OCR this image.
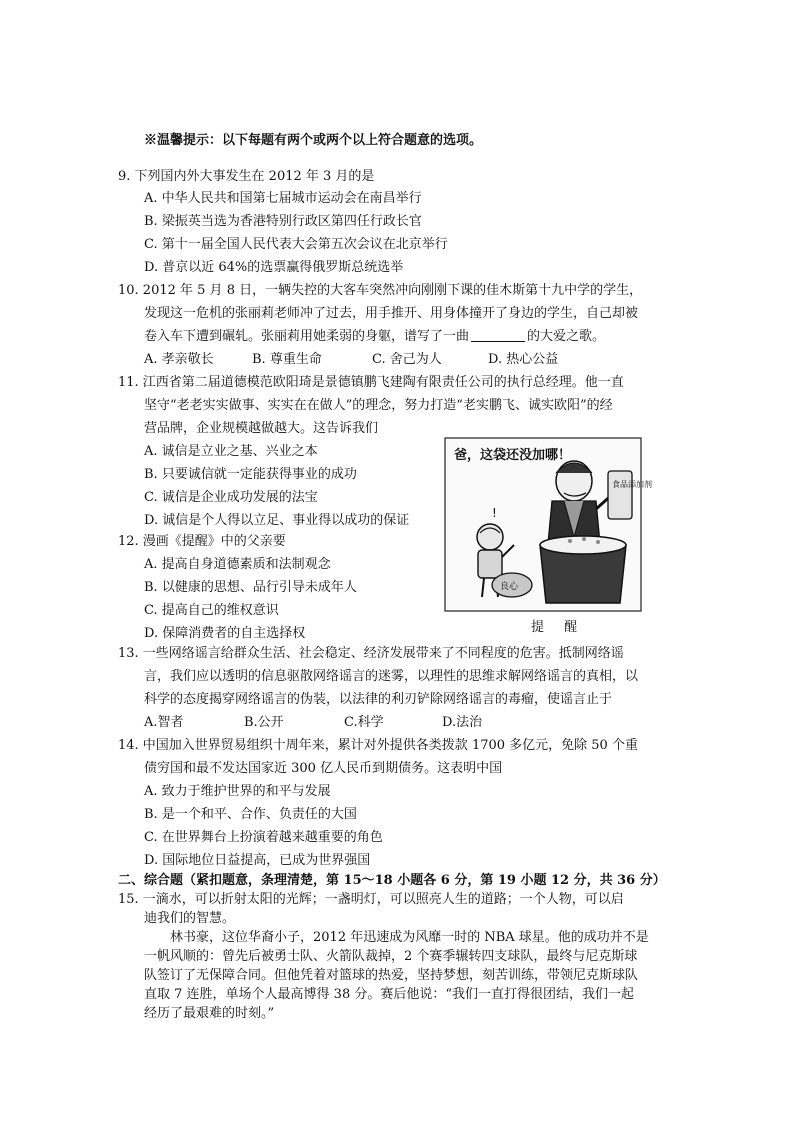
※温馨提示：以下每题有两个或两个以上符合题意的选项。
9. 下列国内外大事发生在 2012 年 3 月的是
A. 中华人民共和国第七届城市运动会在南昌举行
B. 梁振英当选为香港特别行政区第四任行政长官
C. 第十一届全国人民代表大会第五次会议在北京举行
D. 普京以近 64%的选票赢得俄罗斯总统选举
10. 2012 年 5 月 8 日，一辆失控的大客车突然冲向刚刚下课的佳木斯第十九中学的学生，
发现这一危机的张丽莉老师冲了过去，用手推开、用身体撞开了身边的学生，自己却被
卷入车下遭到碾轧。张丽莉用她柔弱的身躯，谱写了一曲	的大爱之歌。
A. 孝亲敬长	B. 尊重生命	C. 舍己为人	D. 热心公益
11. 江西省第二届道德模范欧阳琦是景德镇鹏飞建陶有限责任公司的执行总经理。他一直
坚守“老老实实做事、实实在在做人”的理念，努力打造“老实鹏飞、诚实欧阳”的经
营品牌，企业规模越做越大。这告诉我们
A. 诚信是立业之基、兴业之本
B. 只要诚信就一定能获得事业的成功
C. 诚信是企业成功发展的法宝
D. 诚信是个人得以立足、事业得以成功的保证
12. 漫画《提醒》中的父亲要
A. 提高自身道德素质和法制观念
B. 以健康的思想、品行引导未成年人
C. 提高自己的维权意识
D. 保障消费者的自主选择权
爸，这袋还没加哪！
!
良心
食品添加剂
提 醒
13. 一些网络谣言给群众生活、社会稳定、经济发展带来了不同程度的危害。抵制网络谣
言，我们应以透明的信息驱散网络谣言的迷雾，以理性的思维求解网络谣言的真相，以
科学的态度揭穿网络谣言的伪装，以法律的利刃铲除网络谣言的毒瘤，使谣言止于
A.智者	B.公开	C.科学	D.法治
14. 中国加入世界贸易组织十周年来，累计对外提供各类拨款 1700 多亿元，免除 50 个重
债穷国和最不发达国家近 300 亿人民币到期债务。这表明中国
A. 致力于维护世界的和平与发展
B. 是一个和平、合作、负责任的大国
C. 在世界舞台上扮演着越来越重要的角色
D. 国际地位日益提高，已成为世界强国
二、综合题（紧扣题意，条理清楚，第 15～18 小题各 6 分，第 19 小题 12 分，共 36 分）
15. 一滴水，可以折射太阳的光辉；一盏明灯，可以照亮人生的道路；一个人物，可以启
迪我们的智慧。
林书豪，这位华裔小子，2012 年迅速成为风靡一时的 NBA 球星。他的成功并不是
一帆风顺的：曾先后被勇士队、火箭队裁掉，2 个赛季辗转四支球队，最终与尼克斯球
队签订了无保障合同。但他凭着对篮球的热爱，坚持梦想，刻苦训练，带领尼克斯球队
直取 7 连胜，单场个人最高博得 38 分。赛后他说：“我们一直打得很团结，我们一起
经历了最艰难的时刻。”
